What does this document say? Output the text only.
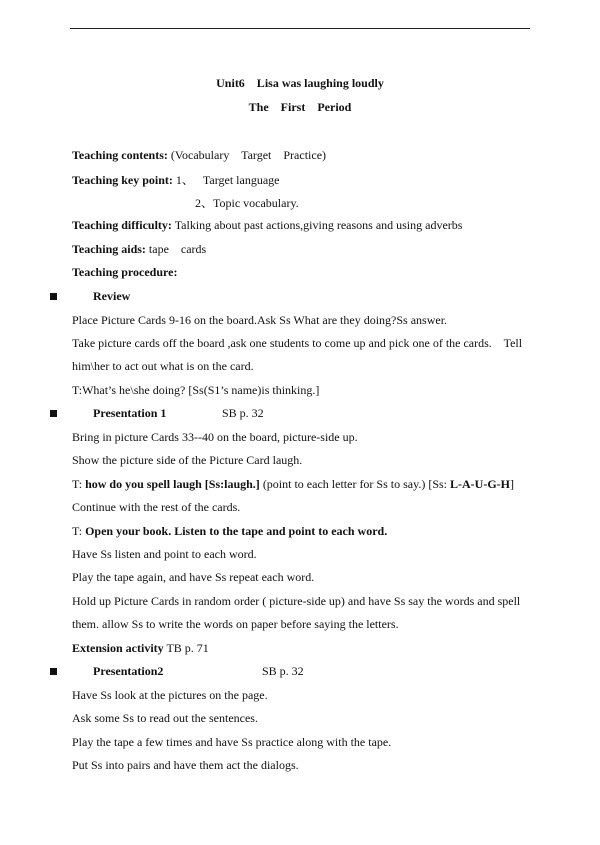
Unit6    Lisa was laughing loudly
The    First    Period
Teaching contents: (Vocabulary    Target    Practice)
Teaching key point: 1、   Target language
2、Topic vocabulary.
Teaching difficulty: Talking about past actions,giving reasons and using adverbs
Teaching aids: tape    cards
Teaching procedure:
Review
Place Picture Cards 9-16 on the board.Ask Ss What are they doing?Ss answer.
Take picture cards off the board ,ask one students to come up and pick one of the cards.    Tell
him\her to act out what is on the card.
T:What’s he\she doing? [Ss(S1’s name)is thinking.]
Presentation 1	SB p. 32
Bring in picture Cards 33--40 on the board, picture-side up.
Show the picture side of the Picture Card laugh.
T: how do you spell laugh [Ss:laugh.] (point to each letter for Ss to say.) [Ss: L-A-U-G-H]
Continue with the rest of the cards.
T: Open your book. Listen to the tape and point to each word.
Have Ss listen and point to each word.
Play the tape again, and have Ss repeat each word.
Hold up Picture Cards in random order ( picture-side up) and have Ss say the words and spell
them. allow Ss to write the words on paper before saying the letters.
Extension activity TB p. 71
Presentation2	SB p. 32
Have Ss look at the pictures on the page.
Ask some Ss to read out the sentences.
Play the tape a few times and have Ss practice along with the tape.
Put Ss into pairs and have them act the dialogs.
